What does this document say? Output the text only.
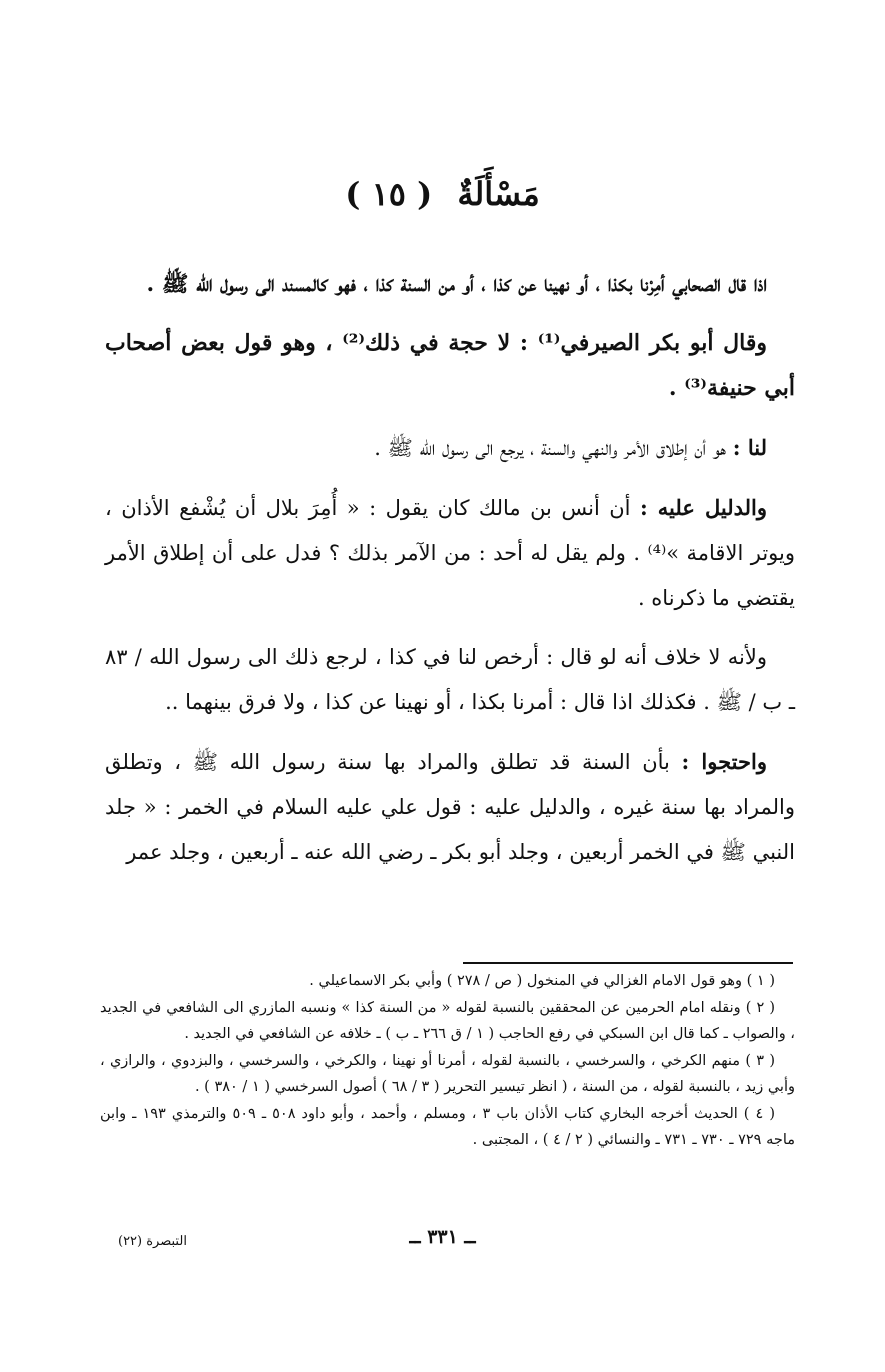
مَسْأَلَةٌ ( ١٥ )

اذا قال الصحابي أمِرْنا بكذا ، أو نهينا عن كذا ، أو من السنة كذا ، فهو كالمسند الى رسول الله ﷺ .

وقال أبو بكر الصيرفي⁽¹⁾ : لا حجة في ذلك⁽²⁾ ، وهو قول بعض أصحاب أبي حنيفة⁽³⁾ .

لنا : هو أن إطلاق الأمر والنهي والسنة ، يرجع الى رسول الله ﷺ .

والدليل عليه : أن أنس بن مالك كان يقول : « أُمِرَ بلال أن يُشْفع الأذان ، ويوتر الاقامة »⁽⁴⁾ . ولم يقل له أحد : من الآمر بذلك ؟ فدل على أن إطلاق الأمر يقتضي ما ذكرناه .

ولأنه لا خلاف أنه لو قال : أرخص لنا في كذا ، لرجع ذلك الى رسول الله / ٨٣ ـ ب / ﷺ . فكذلك اذا قال : أمرنا بكذا ، أو نهينا عن كذا ، ولا فرق بينهما ..

واحتجوا : بأن السنة قد تطلق والمراد بها سنة رسول الله ﷺ ، وتطلق والمراد بها سنة غيره ، والدليل عليه : قول علي عليه السلام في الخمر : « جلد النبي ﷺ في الخمر أربعين ، وجلد أبو بكر ـ رضي الله عنه ـ أربعين ، وجلد عمر

( ١ ) وهو قول الامام الغزالي في المنخول ( ص / ٢٧٨ ) وأبي بكر الاسماعيلي .

( ٢ ) ونقله امام الحرمين عن المحققين بالنسبة لقوله « من السنة كذا » ونسبه المازري الى الشافعي في الجديد ، والصواب ـ كما قال ابن السبكي في رفع الحاجب ( ١ / ق ٢٦٦ ـ ب ) ـ خلافه عن الشافعي في الجديد .

( ٣ ) منهم الكرخي ، والسرخسي ، بالنسبة لقوله ، أمرنا أو نهينا ، والكرخي ، والسرخسي ، والبزدوي ، والرازي ، وأبي زيد ، بالنسبة لقوله ، من السنة ، ( انظر تيسير التحرير ( ٣ / ٦٨ ) أصول السرخسي ( ١ / ٣٨٠ ) .

( ٤ ) الحديث أخرجه البخاري كتاب الأذان باب ٣ ، ومسلم ، وأحمد ، وأبو داود ٥٠٨ ـ ٥٠٩ والترمذي ١٩٣ ـ وابن ماجه ٧٢٩ ـ ٧٣٠ ـ ٧٣١ ـ والنسائي ( ٢ / ٤ ) ، المجتبى .

ــ ٣٣١ ــ
التبصرة (٢٢)
